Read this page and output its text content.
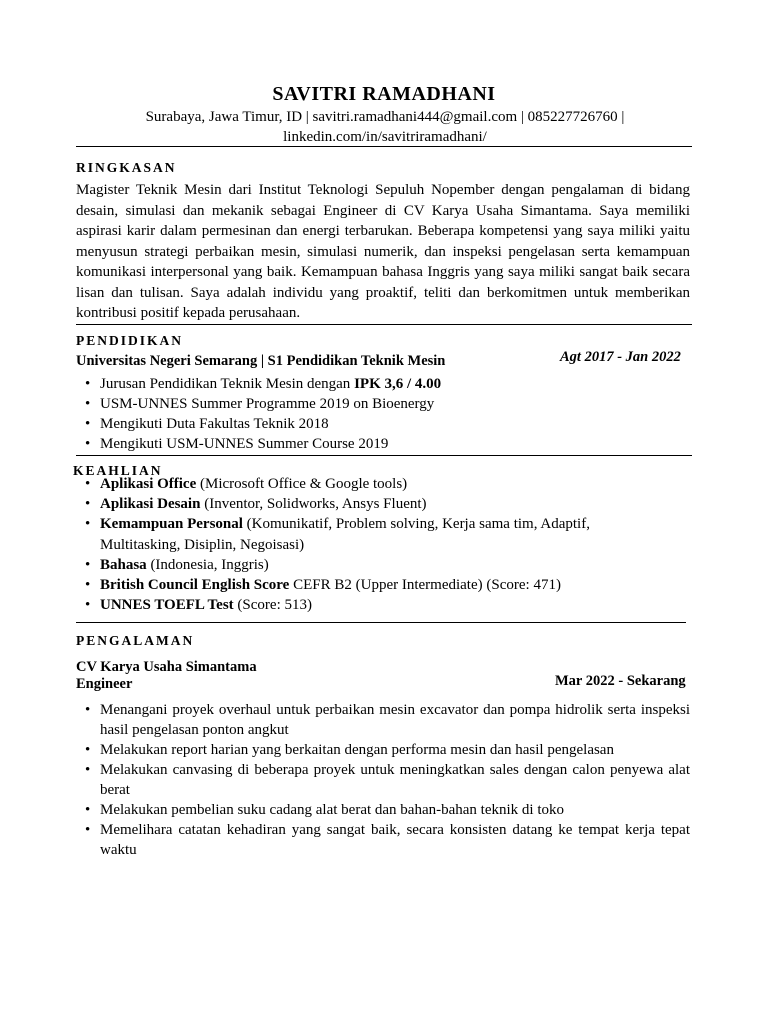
SAVITRI RAMADHANI
Surabaya, Jawa Timur, ID | savitri.ramadhani444@gmail.com | 085227726760 |
linkedin.com/in/savitriramadhani/
RINGKASAN
Magister Teknik Mesin dari Institut Teknologi Sepuluh Nopember dengan pengalaman di bidang desain, simulasi dan mekanik sebagai Engineer di CV Karya Usaha Simantama. Saya memiliki aspirasi karir dalam permesinan dan energi terbarukan. Beberapa kompetensi yang saya miliki yaitu menyusun strategi perbaikan mesin, simulasi numerik, dan inspeksi pengelasan serta kemampuan komunikasi interpersonal yang baik. Kemampuan bahasa Inggris yang saya miliki sangat baik secara lisan dan tulisan. Saya adalah individu yang proaktif, teliti dan berkomitmen untuk memberikan kontribusi positif kepada perusahaan.
PENDIDIKAN
Universitas Negeri Semarang | S1 Pendidikan Teknik Mesin	Agt 2017 - Jan 2022
• Jurusan Pendidikan Teknik Mesin dengan IPK 3,6 / 4.00
• USM-UNNES Summer Programme 2019 on Bioenergy
• Mengikuti Duta Fakultas Teknik 2018
• Mengikuti USM-UNNES Summer Course 2019
KEAHLIAN
• Aplikasi Office (Microsoft Office & Google tools)
• Aplikasi Desain (Inventor, Solidworks, Ansys Fluent)
• Kemampuan Personal (Komunikatif, Problem solving, Kerja sama tim, Adaptif, Multitasking, Disiplin, Negoisasi)
• Bahasa (Indonesia, Inggris)
• British Council English Score CEFR B2 (Upper Intermediate) (Score: 471)
• UNNES TOEFL Test (Score: 513)
PENGALAMAN
CV Karya Usaha Simantama
Engineer	Mar 2022 - Sekarang
• Menangani proyek overhaul untuk perbaikan mesin excavator dan pompa hidrolik serta inspeksi hasil pengelasan ponton angkut
• Melakukan report harian yang berkaitan dengan performa mesin dan hasil pengelasan
• Melakukan canvasing di beberapa proyek untuk meningkatkan sales dengan calon penyewa alat berat
• Melakukan pembelian suku cadang alat berat dan bahan-bahan teknik di toko
• Memelihara catatan kehadiran yang sangat baik, secara konsisten datang ke tempat kerja tepat waktu
